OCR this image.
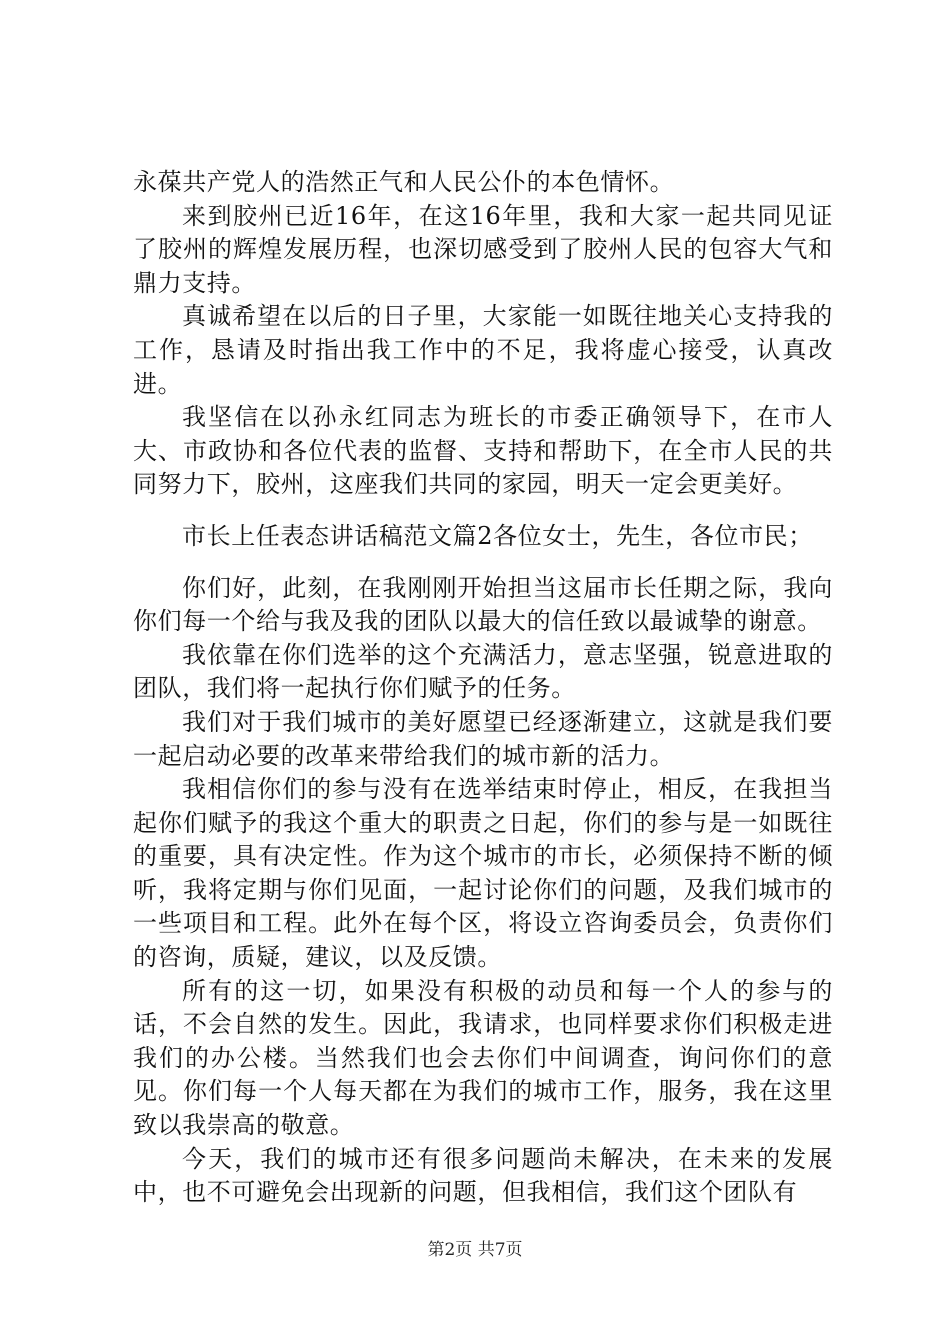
永葆共产党人的浩然正气和人民公仆的本色情怀。

来到胶州已近16年，在这16年里，我和大家一起共同见证了胶州的辉煌发展历程，也深切感受到了胶州人民的包容大气和鼎力支持。

真诚希望在以后的日子里，大家能一如既往地关心支持我的工作，恳请及时指出我工作中的不足，我将虚心接受，认真改进。

我坚信在以孙永红同志为班长的市委正确领导下，在市人大、市政协和各位代表的监督、支持和帮助下，在全市人民的共同努力下，胶州，这座我们共同的家园，明天一定会更美好。

市长上任表态讲话稿范文篇2各位女士，先生，各位市民；

你们好，此刻，在我刚刚开始担当这届市长任期之际，我向你们每一个给与我及我的团队以最大的信任致以最诚挚的谢意。

我依靠在你们选举的这个充满活力，意志坚强，锐意进取的团队，我们将一起执行你们赋予的任务。

我们对于我们城市的美好愿望已经逐渐建立，这就是我们要一起启动必要的改革来带给我们的城市新的活力。

我相信你们的参与没有在选举结束时停止，相反，在我担当起你们赋予的我这个重大的职责之日起，你们的参与是一如既往的重要，具有决定性。作为这个城市的市长，必须保持不断的倾听，我将定期与你们见面，一起讨论你们的问题，及我们城市的一些项目和工程。此外在每个区，将设立咨询委员会，负责你们的咨询，质疑，建议，以及反馈。

所有的这一切，如果没有积极的动员和每一个人的参与的话，不会自然的发生。因此，我请求，也同样要求你们积极走进我们的办公楼。当然我们也会去你们中间调查，询问你们的意见。你们每一个人每天都在为我们的城市工作，服务，我在这里致以我崇高的敬意。

今天，我们的城市还有很多问题尚未解决，在未来的发展中，也不可避免会出现新的问题，但我相信，我们这个团队有

第2页 共7页
